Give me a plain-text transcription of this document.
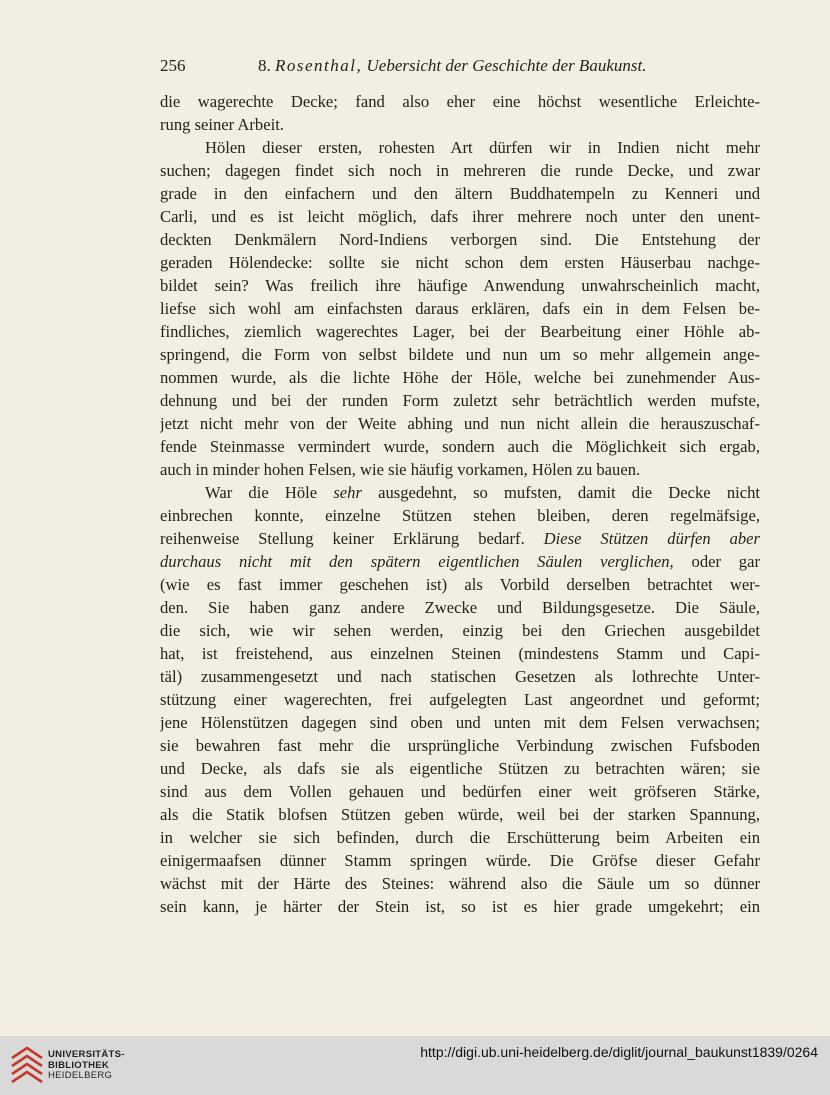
256	8. Rosenthal, Uebersicht der Geschichte der Baukunst.
die wagerechte Decke; fand also eher eine höchst wesentliche Erleichte-
rung seiner Arbeit.
Hölen dieser ersten, rohesten Art dürfen wir in Indien nicht mehr
suchen; dagegen findet sich noch in mehreren die runde Decke, und zwar
grade in den einfachern und den ältern Buddhatempeln zu Kenneri und
Carli, und es ist leicht möglich, dafs ihrer mehrere noch unter den unent-
deckten Denkmälern Nord-Indiens verborgen sind. Die Entstehung der
geraden Hölendecke: sollte sie nicht schon dem ersten Häuserbau nachge-
bildet sein? Was freilich ihre häufige Anwendung unwahrscheinlich macht,
liefse sich wohl am einfachsten daraus erklären, dafs ein in dem Felsen be-
findliches, ziemlich wagerechtes Lager, bei der Bearbeitung einer Höhle ab-
springend, die Form von selbst bildete und nun um so mehr allgemein ange-
nommen wurde, als die lichte Höhe der Höle, welche bei zunehmender Aus-
dehnung und bei der runden Form zuletzt sehr beträchtlich werden mufste,
jetzt nicht mehr von der Weite abhing und nun nicht allein die herauszuschaf-
fende Steinmasse vermindert wurde, sondern auch die Möglichkeit sich ergab,
auch in minder hohen Felsen, wie sie häufig vorkamen, Hölen zu bauen.
War die Höle sehr ausgedehnt, so mufsten, damit die Decke nicht
einbrechen konnte, einzelne Stützen stehen bleiben, deren regelmäfsige,
reihenweise Stellung keiner Erklärung bedarf. Diese Stützen dürfen aber
durchaus nicht mit den spätern eigentlichen Säulen verglichen, oder gar
(wie es fast immer geschehen ist) als Vorbild derselben betrachtet wer-
den. Sie haben ganz andere Zwecke und Bildungsgesetze. Die Säule,
die sich, wie wir sehen werden, einzig bei den Griechen ausgebildet
hat, ist freistehend, aus einzelnen Steinen (mindestens Stamm und Capi-
täl) zusammengesetzt und nach statischen Gesetzen als lothrechte Unter-
stützung einer wagerechten, frei aufgelegten Last angeordnet und geformt;
jene Hölenstützen dagegen sind oben und unten mit dem Felsen verwachsen;
sie bewahren fast mehr die ursprüngliche Verbindung zwischen Fufsboden
und Decke, als dafs sie als eigentliche Stützen zu betrachten wären; sie
sind aus dem Vollen gehauen und bedürfen einer weit gröfseren Stärke,
als die Statik blofsen Stützen geben würde, weil bei der starken Spannung,
in welcher sie sich befinden, durch die Erschütterung beim Arbeiten ein
einigermaafsen dünner Stamm springen würde. Die Gröfse dieser Gefahr
wächst mit der Härte des Steines: während also die Säule um so dünner
sein kann, je härter der Stein ist, so ist es hier grade umgekehrt; ein
UNIVERSITÄTS-
BIBLIOTHEK
HEIDELBERG
http://digi.ub.uni-heidelberg.de/diglit/journal_baukunst1839/0264
